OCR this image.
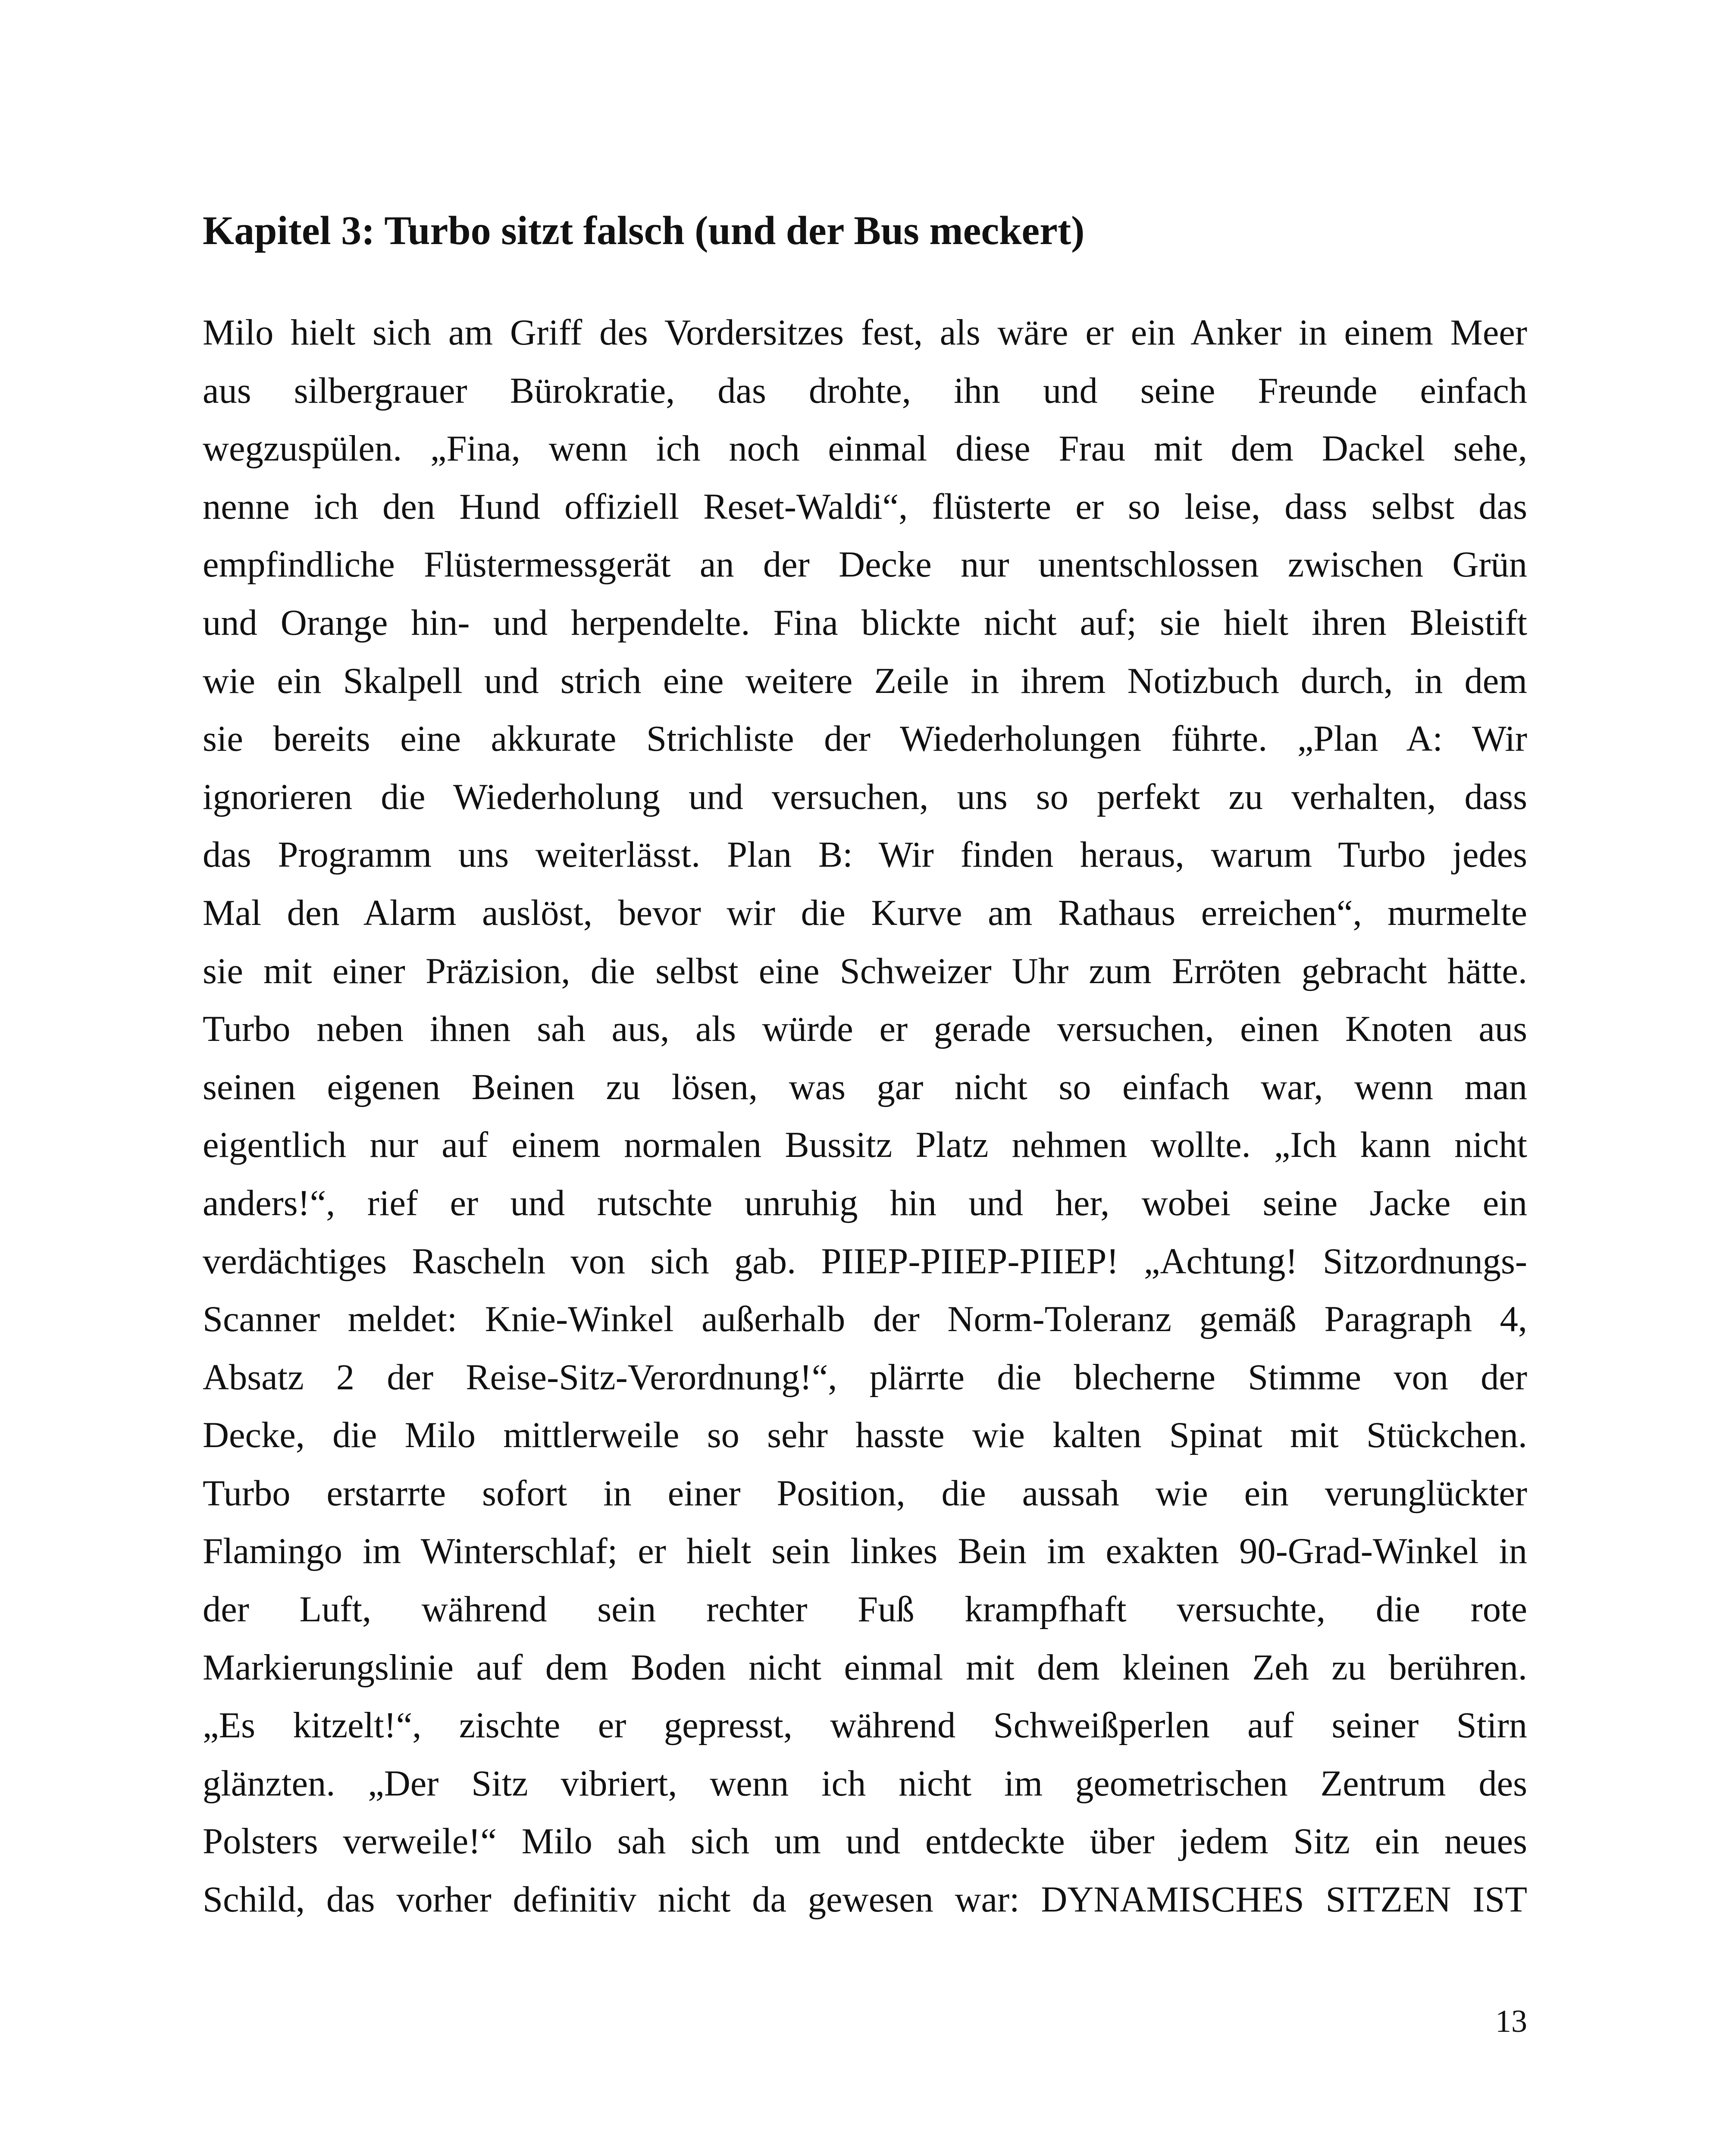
Kapitel 3: Turbo sitzt falsch (und der Bus meckert)
Milo hielt sich am Griff des Vordersitzes fest, als wäre er ein Anker in einem Meer
aus silbergrauer Bürokratie, das drohte, ihn und seine Freunde einfach
wegzuspülen. „Fina, wenn ich noch einmal diese Frau mit dem Dackel sehe,
nenne ich den Hund offiziell Reset-Waldi“, flüsterte er so leise, dass selbst das
empfindliche Flüstermessgerät an der Decke nur unentschlossen zwischen Grün
und Orange hin- und herpendelte. Fina blickte nicht auf; sie hielt ihren Bleistift
wie ein Skalpell und strich eine weitere Zeile in ihrem Notizbuch durch, in dem
sie bereits eine akkurate Strichliste der Wiederholungen führte. „Plan A: Wir
ignorieren die Wiederholung und versuchen, uns so perfekt zu verhalten, dass
das Programm uns weiterlässt. Plan B: Wir finden heraus, warum Turbo jedes
Mal den Alarm auslöst, bevor wir die Kurve am Rathaus erreichen“, murmelte
sie mit einer Präzision, die selbst eine Schweizer Uhr zum Erröten gebracht hätte.
Turbo neben ihnen sah aus, als würde er gerade versuchen, einen Knoten aus
seinen eigenen Beinen zu lösen, was gar nicht so einfach war, wenn man
eigentlich nur auf einem normalen Bussitz Platz nehmen wollte. „Ich kann nicht
anders!“, rief er und rutschte unruhig hin und her, wobei seine Jacke ein
verdächtiges Rascheln von sich gab. PIIEP-PIIEP-PIIEP! „Achtung! Sitzordnungs-
Scanner meldet: Knie-Winkel außerhalb der Norm-Toleranz gemäß Paragraph 4,
Absatz 2 der Reise-Sitz-Verordnung!“, plärrte die blecherne Stimme von der
Decke, die Milo mittlerweile so sehr hasste wie kalten Spinat mit Stückchen.
Turbo erstarrte sofort in einer Position, die aussah wie ein verunglückter
Flamingo im Winterschlaf; er hielt sein linkes Bein im exakten 90-Grad-Winkel in
der Luft, während sein rechter Fuß krampfhaft versuchte, die rote
Markierungslinie auf dem Boden nicht einmal mit dem kleinen Zeh zu berühren.
„Es kitzelt!“, zischte er gepresst, während Schweißperlen auf seiner Stirn
glänzten. „Der Sitz vibriert, wenn ich nicht im geometrischen Zentrum des
Polsters verweile!“ Milo sah sich um und entdeckte über jedem Sitz ein neues
Schild, das vorher definitiv nicht da gewesen war: DYNAMISCHES SITZEN IST

13
